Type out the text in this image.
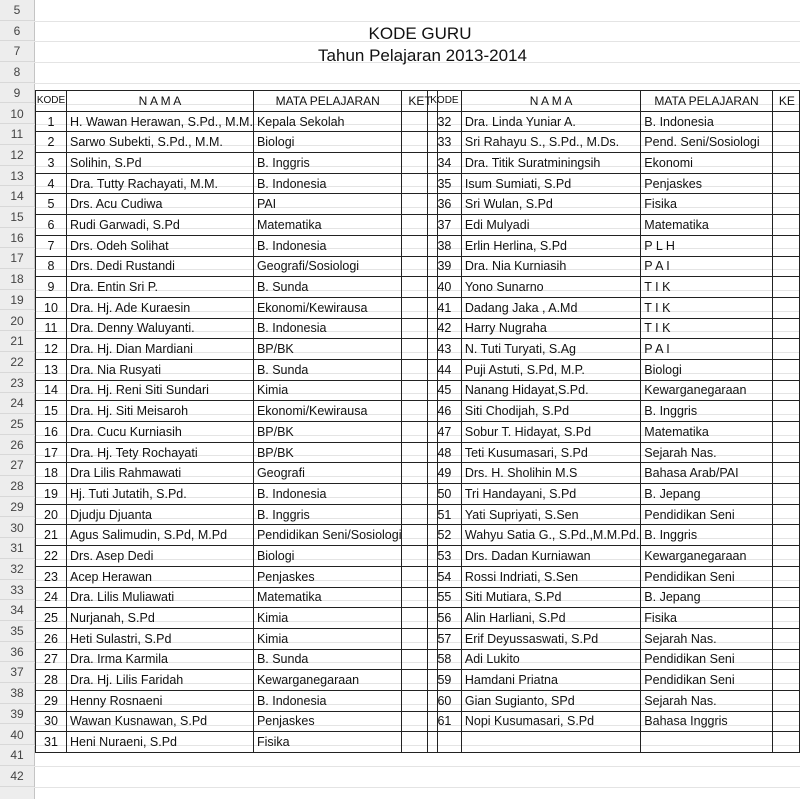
5
6
7
8
9
10
11
12
13
14
15
16
17
18
19
20
21
22
23
24
25
26
27
28
29
30
31
32
33
34
35
36
37
38
39
40
41
42
KODE GURU
Tahun Pelajaran 2013-2014
KODE	N A M A	MATA PELAJARAN	KET
1	H. Wawan Herawan, S.Pd., M.M.	Kepala Sekolah	
2	Sarwo Subekti, S.Pd., M.M.	Biologi	
3	Solihin, S.Pd	B. Inggris	
4	Dra. Tutty Rachayati, M.M.	B. Indonesia	
5	Drs. Acu Cudiwa	PAI	
6	Rudi Garwadi, S.Pd	Matematika	
7	Drs. Odeh Solihat	B. Indonesia	
8	Drs. Dedi Rustandi	Geografi/Sosiologi	
9	Dra. Entin Sri P.	B. Sunda	
10	Dra. Hj. Ade Kuraesin	Ekonomi/Kewirausa	
11	Dra. Denny Waluyanti.	B. Indonesia	
12	Dra. Hj. Dian Mardiani	BP/BK	
13	Dra. Nia Rusyati	B. Sunda	
14	Dra. Hj. Reni Siti Sundari	Kimia	
15	Dra. Hj. Siti Meisaroh	Ekonomi/Kewirausa	
16	Dra. Cucu Kurniasih	BP/BK	
17	Dra. Hj. Tety Rochayati	BP/BK	
18	Dra Lilis Rahmawati	Geografi	
19	Hj. Tuti Jutatih, S.Pd.	B. Indonesia	
20	Djudju Djuanta	B. Inggris	
21	Agus Salimudin, S.Pd, M.Pd	Pendidikan Seni/Sosiologi	
22	Drs. Asep Dedi	Biologi	
23	Acep Herawan	Penjaskes	
24	Dra. Lilis Muliawati	Matematika	
25	Nurjanah, S.Pd	Kimia	
26	Heti Sulastri, S.Pd	Kimia	
27	Dra. Irma Karmila	B. Sunda	
28	Dra. Hj. Lilis Faridah	Kewarganegaraan	
29	Henny Rosnaeni	B. Indonesia	
30	Wawan Kusnawan, S.Pd	Penjaskes	
31	Heni Nuraeni, S.Pd	Fisika	
KODE	N A M A	MATA PELAJARAN	KE
32	Dra. Linda Yuniar A.	B. Indonesia	
33	Sri Rahayu S., S.Pd., M.Ds.	Pend. Seni/Sosiologi	
34	Dra. Titik Suratminingsih	Ekonomi	
35	Isum Sumiati, S.Pd	Penjaskes	
36	Sri Wulan, S.Pd	Fisika	
37	Edi Mulyadi	Matematika	
38	Erlin Herlina, S.Pd	P L H	
39	Dra. Nia Kurniasih	P A I	
40	Yono Sunarno	T I K	
41	Dadang Jaka , A.Md	T I K	
42	Harry Nugraha	T I K	
43	N. Tuti Turyati, S.Ag	P A I	
44	Puji Astuti, S.Pd, M.P.	Biologi	
45	Nanang Hidayat,S.Pd.	Kewarganegaraan	
46	Siti Chodijah, S.Pd	B. Inggris	
47	Sobur T. Hidayat, S.Pd	Matematika	
48	Teti Kusumasari, S.Pd	Sejarah Nas.	
49	Drs. H. Sholihin M.S	Bahasa Arab/PAI	
50	Tri Handayani, S.Pd	B. Jepang	
51	Yati Supriyati, S.Sen	Pendidikan Seni	
52	Wahyu Satia G., S.Pd.,M.M.Pd.	B. Inggris	
53	Drs. Dadan Kurniawan	Kewarganegaraan	
54	Rossi Indriati, S.Sen	Pendidikan Seni	
55	Siti Mutiara, S.Pd	B. Jepang	
56	Alin Harliani, S.Pd	Fisika	
57	Erif Deyussaswati, S.Pd	Sejarah Nas.	
58	Adi Lukito	Pendidikan Seni	
59	Hamdani Priatna	Pendidikan Seni	
60	Gian Sugianto, SPd	Sejarah Nas.	
61	Nopi Kusumasari, S.Pd	Bahasa Inggris	
